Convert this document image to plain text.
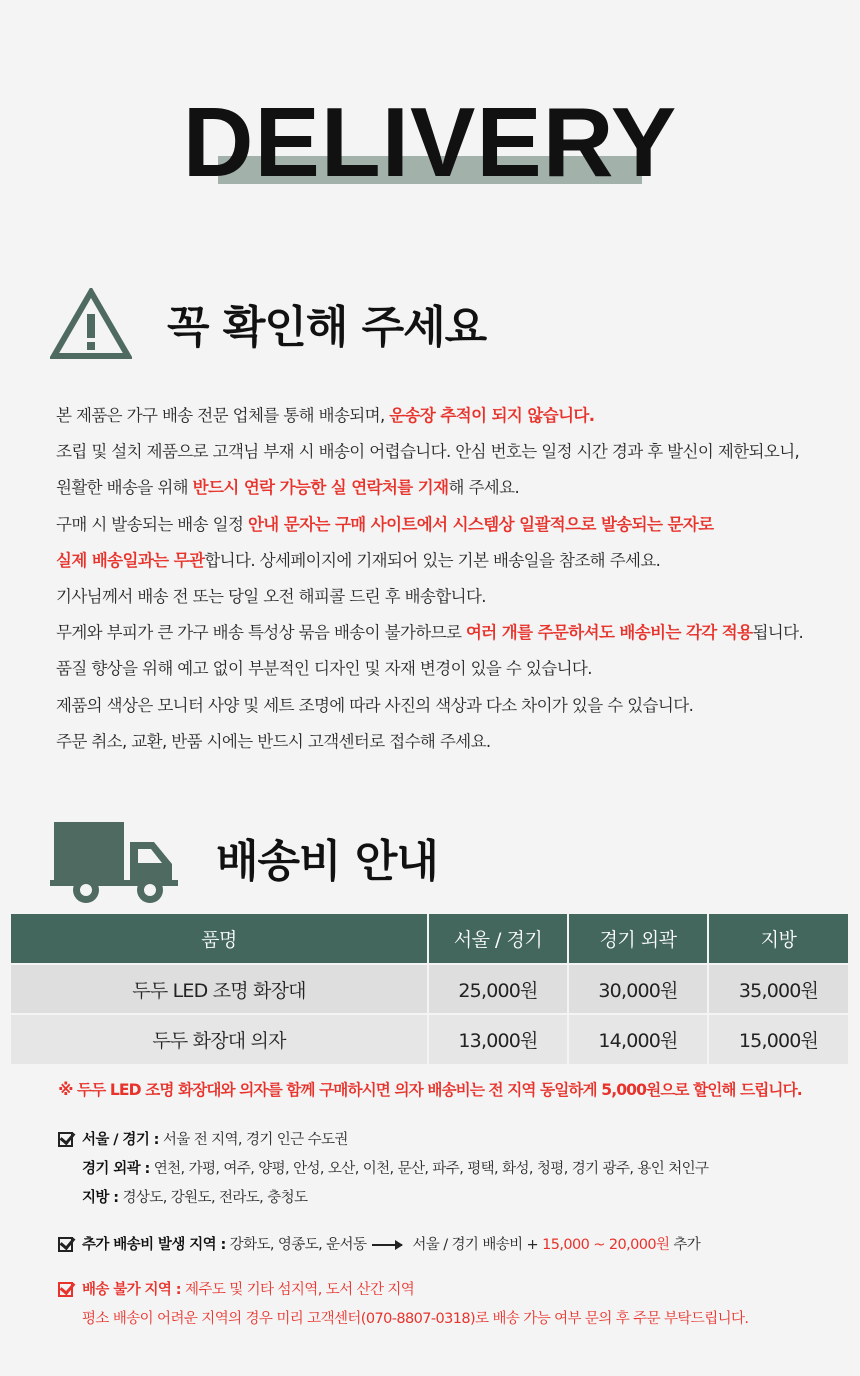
DELIVERY
꼭 확인해 주세요
본 제품은 가구 배송 전문 업체를 통해 배송되며, 운송장 추적이 되지 않습니다.
조립 및 설치 제품으로 고객님 부재 시 배송이 어렵습니다. 안심 번호는 일정 시간 경과 후 발신이 제한되오니,
원활한 배송을 위해 반드시 연락 가능한 실 연락처를 기재해 주세요.
구매 시 발송되는 배송 일정 안내 문자는 구매 사이트에서 시스템상 일괄적으로 발송되는 문자로
실제 배송일과는 무관합니다. 상세페이지에 기재되어 있는 기본 배송일을 참조해 주세요.
기사님께서 배송 전 또는 당일 오전 해피콜 드린 후 배송합니다.
무게와 부피가 큰 가구 배송 특성상 묶음 배송이 불가하므로 여러 개를 주문하셔도 배송비는 각각 적용됩니다.
품질 향상을 위해 예고 없이 부분적인 디자인 및 자재 변경이 있을 수 있습니다.
제품의 색상은 모니터 사양 및 세트 조명에 따라 사진의 색상과 다소 차이가 있을 수 있습니다.
주문 취소, 교환, 반품 시에는 반드시 고객센터로 접수해 주세요.
배송비 안내
품명	서울 / 경기	경기 외곽	지방
두두 LED 조명 화장대	25,000원	30,000원	35,000원
두두 화장대 의자	13,000원	14,000원	15,000원
※ 두두 LED 조명 화장대와 의자를 함께 구매하시면 의자 배송비는 전 지역 동일하게 5,000원으로 할인해 드립니다.
서울 / 경기 : 서울 전 지역, 경기 인근 수도권
경기 외곽 : 연천, 가평, 여주, 양평, 안성, 오산, 이천, 문산, 파주, 평택, 화성, 청평, 경기 광주, 용인 처인구
지방 : 경상도, 강원도, 전라도, 충청도
추가 배송비 발생 지역 : 강화도, 영종도, 운서동	서울 / 경기 배송비 + 15,000 ~ 20,000원 추가
배송 불가 지역 : 제주도 및 기타 섬지역, 도서 산간 지역
평소 배송이 어려운 지역의 경우 미리 고객센터(070-8807-0318)로 배송 가능 여부 문의 후 주문 부탁드립니다.
